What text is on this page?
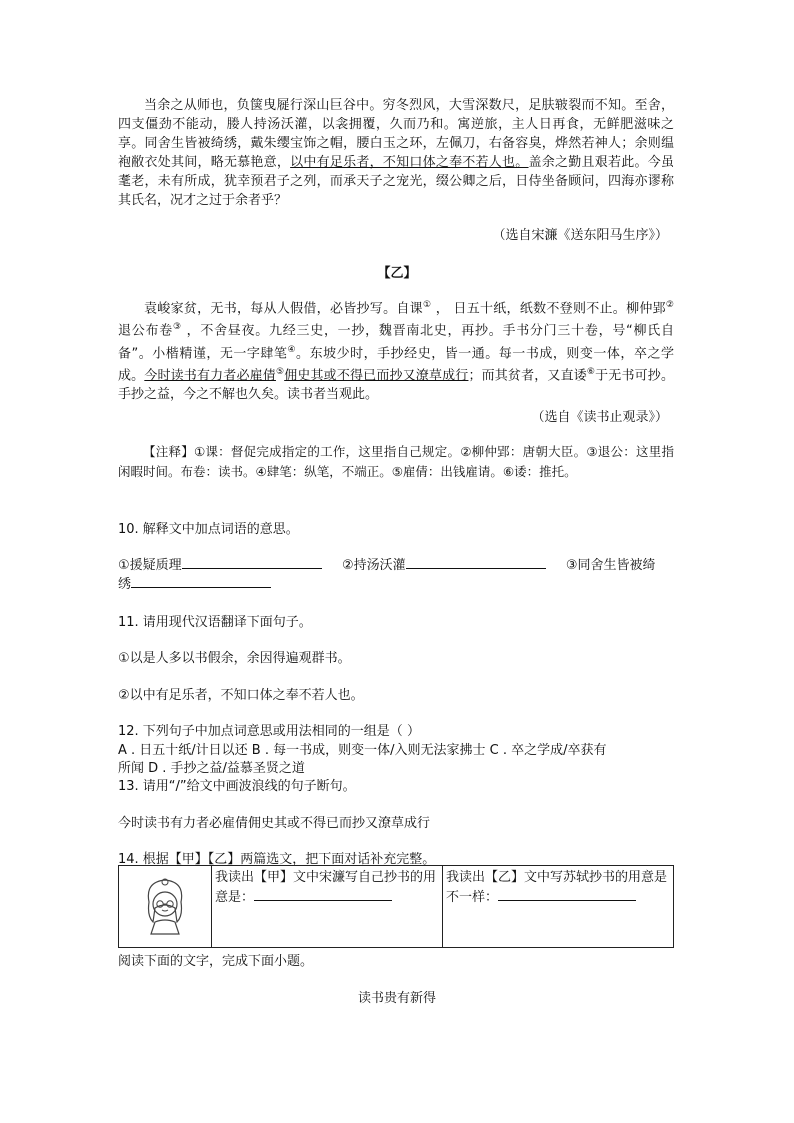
当余之从师也，负箧曳屣行深山巨谷中。穷冬烈风，大雪深数尺，足肤皲裂而不知。至舍，四支僵劲不能动，媵人持汤沃灌，以衾拥覆，久而乃和。寓逆旅，主人日再食，无鲜肥滋味之享。同舍生皆被绮绣，戴朱缨宝饰之帽，腰白玉之环，左佩刀，右备容臭，烨然若神人；余则缊袍敝衣处其间，略无慕艳意，以中有足乐者，不知口体之奉不若人也。盖余之勤且艰若此。今虽耄老，未有所成，犹幸预君子之列，而承天子之宠光，缀公卿之后，日侍坐备顾问，四海亦谬称其氏名，况才之过于余者乎？

（选自宋濂《送东阳马生序》）
【乙】

袁峻家贫，无书，每从人假借，必皆抄写。自课① ， 日五十纸，纸数不登则不止。柳仲郢②退公布卷③ ，不舍昼夜。九经三史，一抄，魏晋南北史，再抄。手书分门三十卷，号“柳氏自备”。小楷精谨，无一字肆笔④。东坡少时，手抄经史，皆一通。每一书成，则变一体，卒之学成。今时读书有力者必雇倩⑤佣史其或不得已而抄又潦草成行；而其贫者，又直诿⑥于无书可抄。手抄之益，今之不解也久矣。读书者当观此。

（选自《读书止观录》）

【注释】①课：督促完成指定的工作，这里指自己规定。②柳仲郢：唐朝大臣。③退公：这里指闲暇时间。布卷：读书。④肆笔：纵笔，不端正。⑤雇倩：出钱雇请。⑥诿：推托。

10. 解释文中加点词语的意思。
①援疑质理	②持汤沃灌	③同舍生皆被绮
绣
11. 请用现代汉语翻译下面句子。
①以是人多以书假余，余因得遍观群书。
②以中有足乐者，不知口体之奉不若人也。
12. 下列句子中加点词意思或用法相同的一组是（ ）
A . 日五十纸/计日以还 B . 每一书成，则变一体/入则无法家拂士 C . 卒之学成/卒获有
所闻 D . 手抄之益/益慕圣贤之道
13. 请用“/”给文中画波浪线的句子断句。
今时读书有力者必雇倩佣史其或不得已而抄又潦草成行
14. 根据【甲】【乙】两篇选文，把下面对话补充完整。
	我读出【甲】文中宋濂写自己抄书的用意是：	我读出【乙】文中写苏轼抄书的用意是不一样：
阅读下面的文字，完成下面小题。
读书贵有新得
